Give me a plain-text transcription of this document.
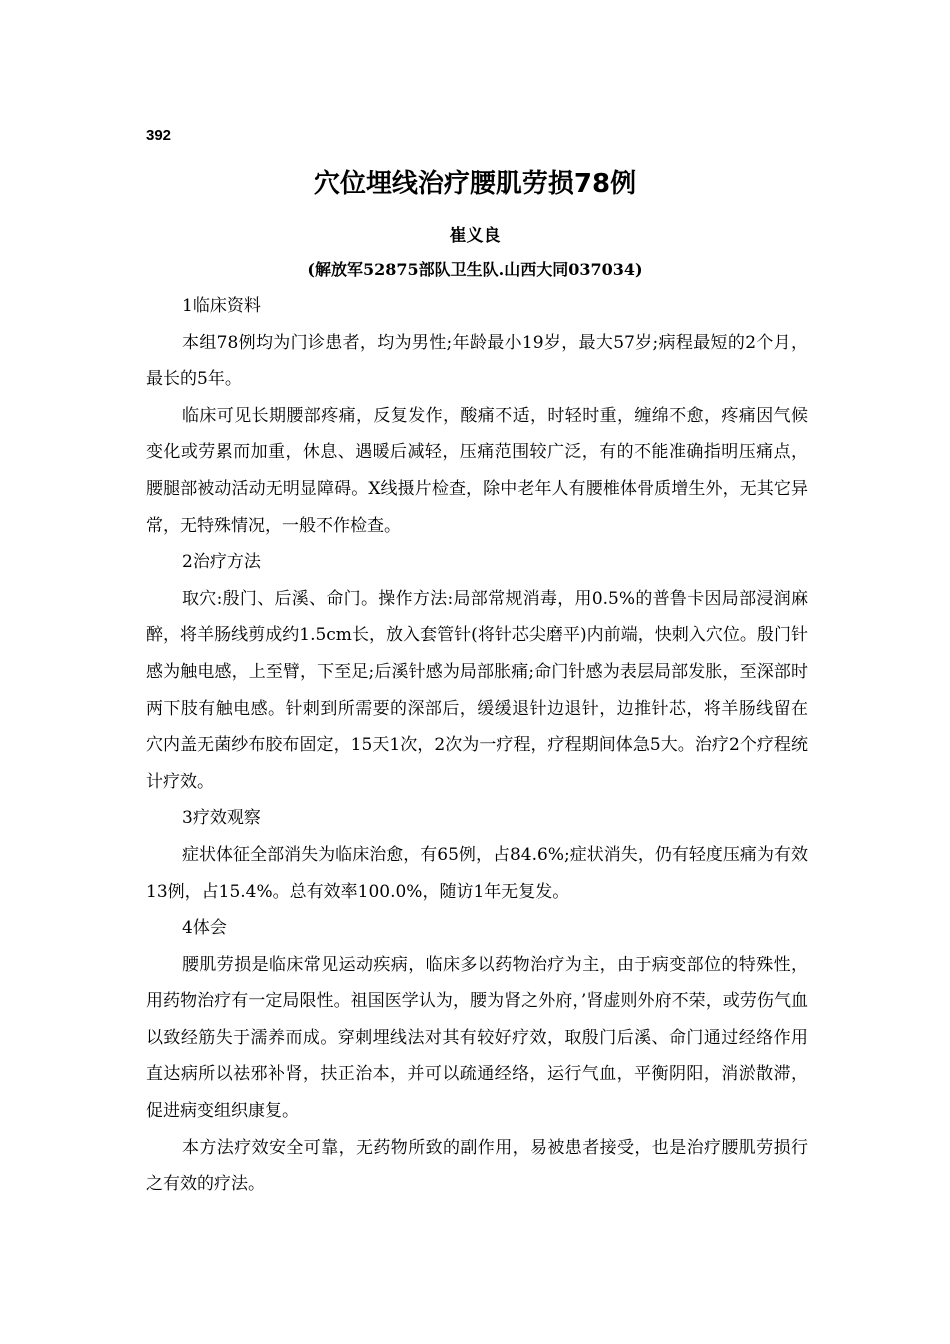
392
穴位埋线治疗腰肌劳损78例
崔义良
(解放军52875部队卫生队.山西大同037034)
1临床资料

本组78例均为门诊患者，均为男性;年龄最小19岁，最大57岁;病程最短的2个月，最长的5年。

临床可见长期腰部疼痛，反复发作，酸痛不适，时轻时重，缠绵不愈，疼痛因气候变化或劳累而加重，休息、遇暖后减轻，压痛范围较广泛，有的不能准确指明压痛点，腰腿部被动活动无明显障碍。X线摄片检查，除中老年人有腰椎体骨质增生外，无其它异常，无特殊情况，一般不作检查。

2治疗方法

取穴:殷门、后溪、命门。操作方法:局部常规消毒，用0.5%的普鲁卡因局部浸润麻醉，将羊肠线剪成约1.5cm长，放入套管针(将针芯尖磨平)内前端，快刺入穴位。殷门针感为触电感，上至臂，下至足;后溪针感为局部胀痛;命门针感为表层局部发胀，至深部时两下肢有触电感。针刺到所需要的深部后，缓缓退针边退针，边推针芯，将羊肠线留在穴内盖无菌纱布胶布固定，15天1次，2次为一疗程，疗程期间体急5大。治疗2个疗程统计疗效。

3疗效观察

症状体征全部消失为临床治愈，有65例，占84.6%;症状消失，仍有轻度压痛为有效13例，占15.4%。总有效率100.0%，随访1年无复发。

4体会

腰肌劳损是临床常见运动疾病，临床多以药物治疗为主，由于病变部位的特殊性，用药物治疗有一定局限性。祖国医学认为，腰为肾之外府，’肾虚则外府不荣，或劳伤气血以致经筋失于濡养而成。穿刺埋线法对其有较好疗效，取殷门后溪、命门通过经络作用直达病所以祛邪补肾，扶正治本，并可以疏通经络，运行气血，平衡阴阳，消淤散滞，促进病变组织康复。

本方法疗效安全可靠，无药物所致的副作用，易被患者接受，也是治疗腰肌劳损行之有效的疗法。
